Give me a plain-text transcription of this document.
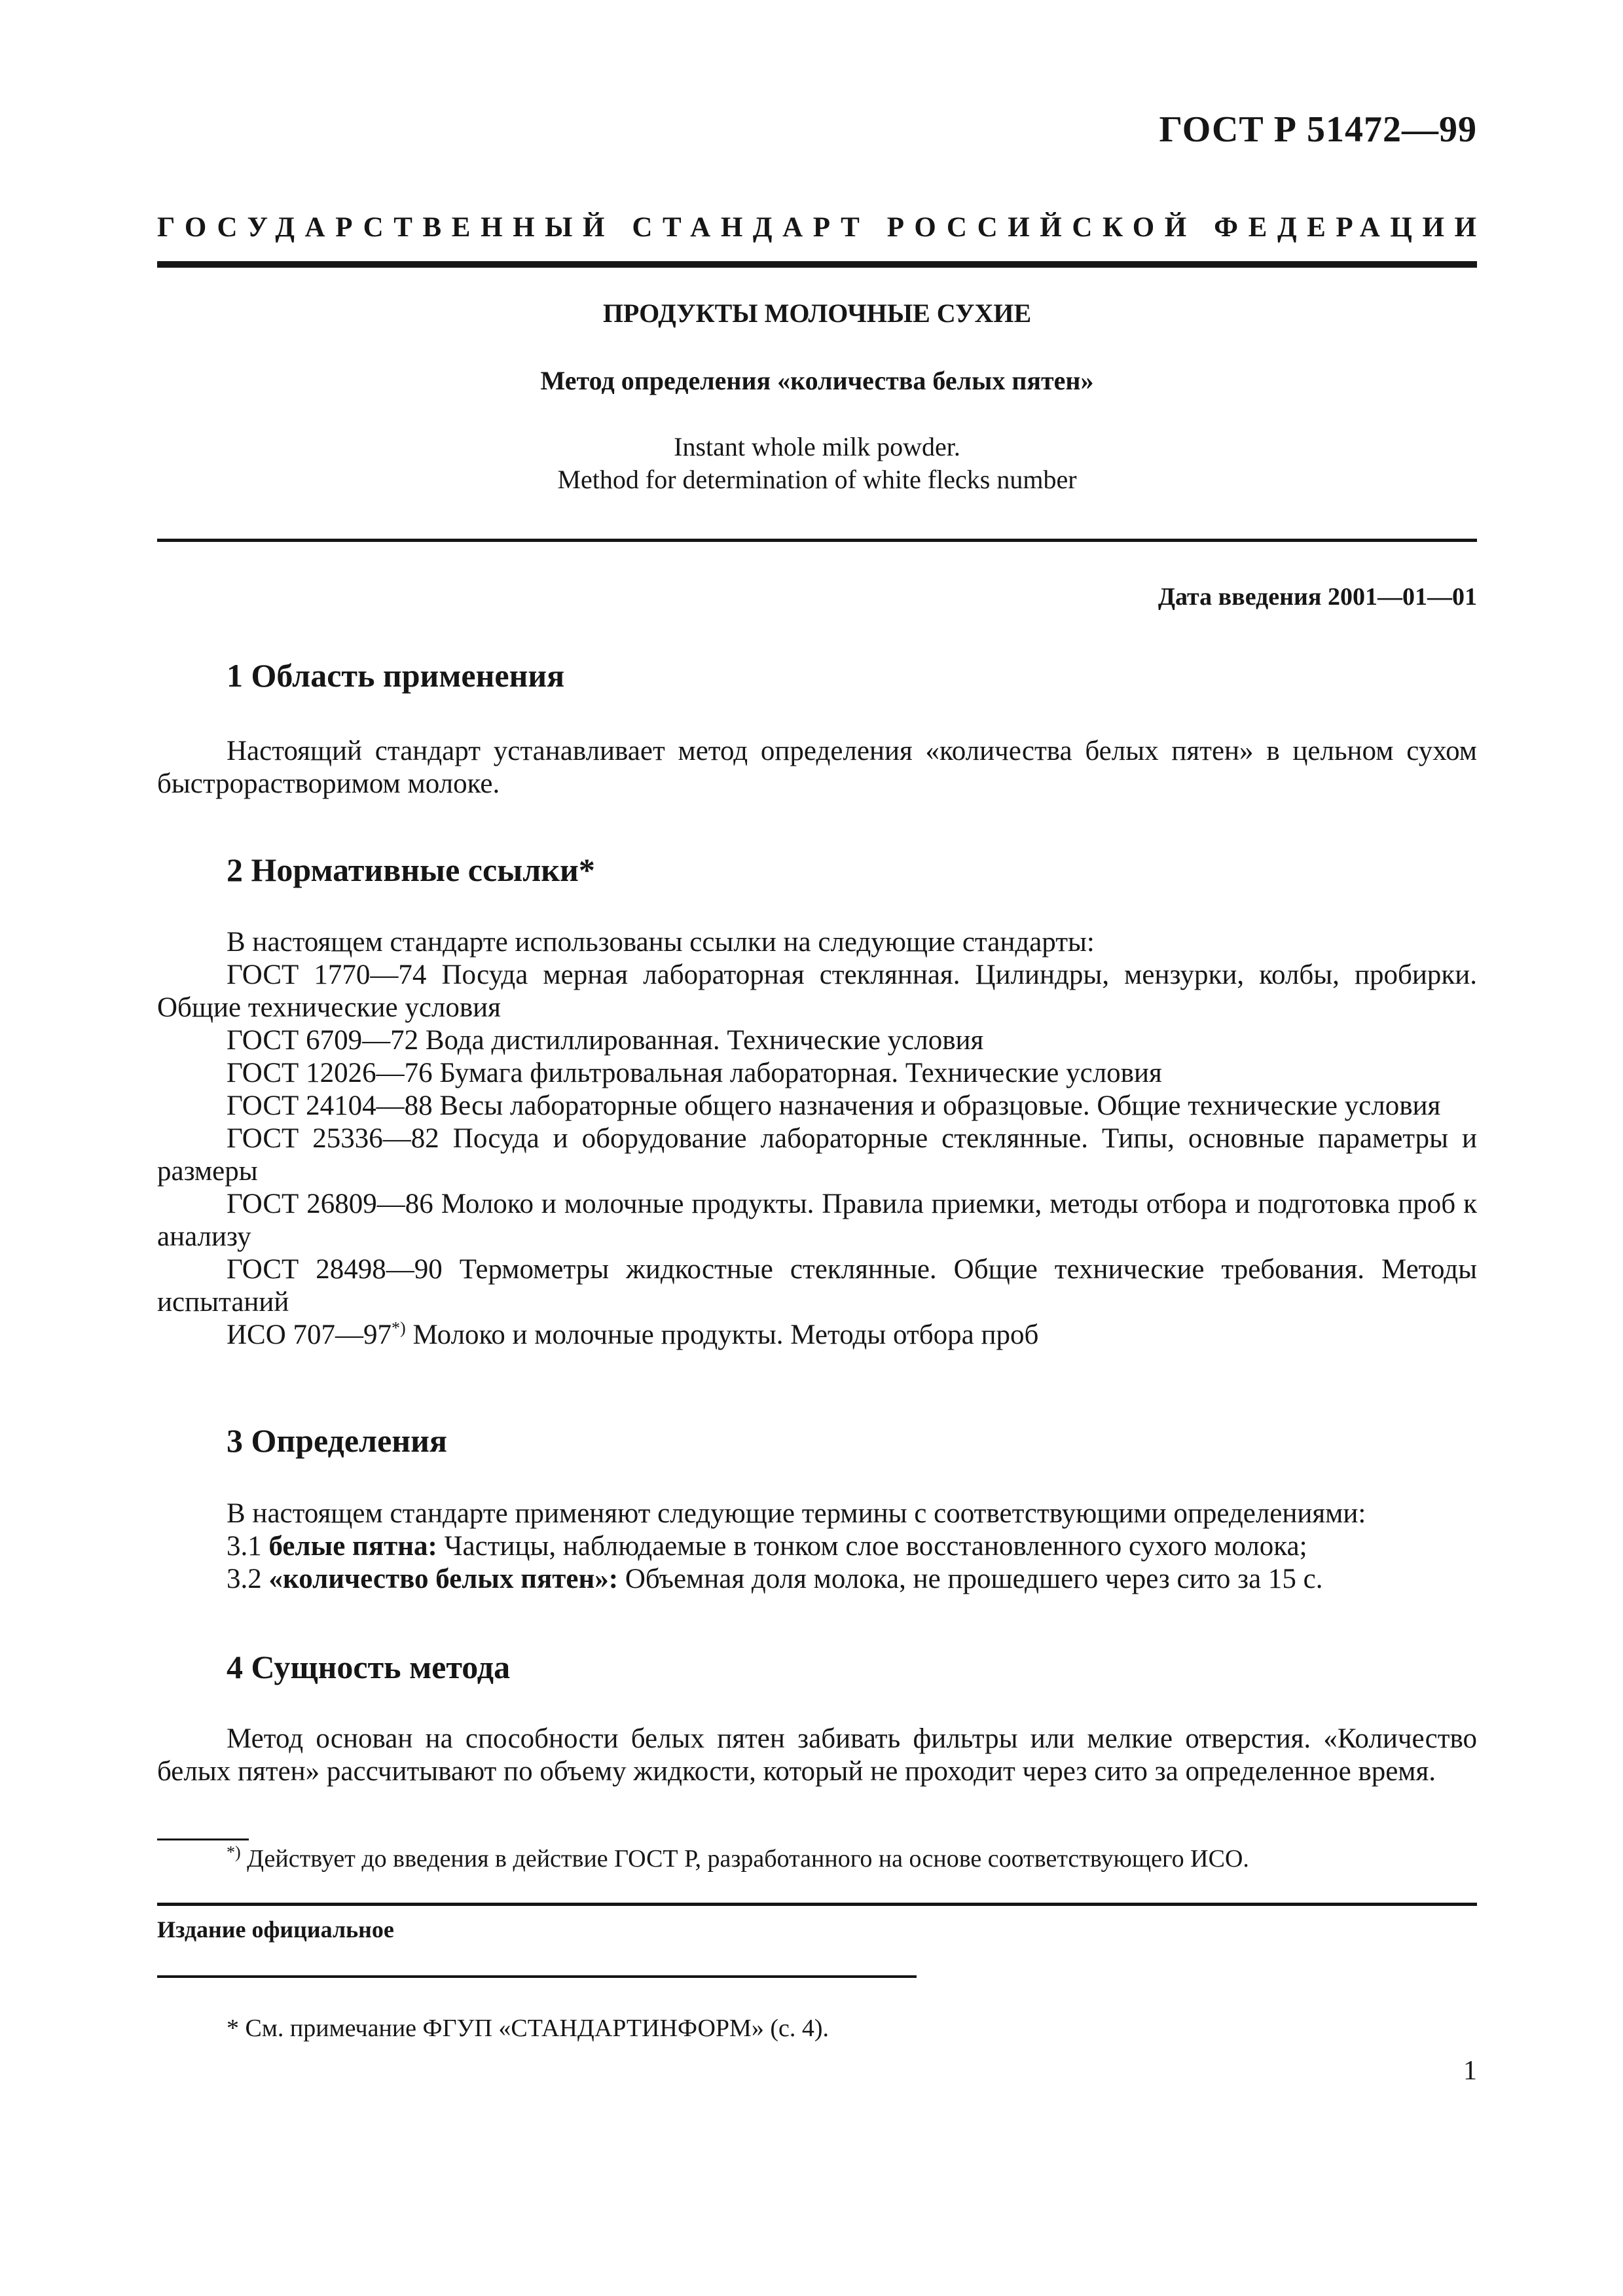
ГОСТ Р 51472—99
ГОСУДАРСТВЕННЫЙ СТАНДАРТ РОССИЙСКОЙ ФЕДЕРАЦИИ
ПРОДУКТЫ МОЛОЧНЫЕ СУХИЕ
Метод определения «количества белых пятен»
Instant whole milk powder.
Method for determination of white flecks number
Дата введения 2001—01—01
1 Область применения

Настоящий стандарт устанавливает метод определения «количества белых пятен» в цельном сухом быстрорастворимом молоке.

2 Нормативные ссылки*

В настоящем стандарте использованы ссылки на следующие стандарты:

ГОСТ 1770—74 Посуда мерная лабораторная стеклянная. Цилиндры, мензурки, колбы, пробирки. Общие технические условия

ГОСТ 6709—72 Вода дистиллированная. Технические условия

ГОСТ 12026—76 Бумага фильтровальная лабораторная. Технические условия

ГОСТ 24104—88 Весы лабораторные общего назначения и образцовые. Общие технические условия

ГОСТ 25336—82 Посуда и оборудование лабораторные стеклянные. Типы, основные параметры и размеры

ГОСТ 26809—86 Молоко и молочные продукты. Правила приемки, методы отбора и подготовка проб к анализу

ГОСТ 28498—90 Термометры жидкостные стеклянные. Общие технические требования. Методы испытаний

ИСО 707—97*) Молоко и молочные продукты. Методы отбора проб

3 Определения

В настоящем стандарте применяют следующие термины с соответствующими определениями:

3.1 белые пятна: Частицы, наблюдаемые в тонком слое восстановленного сухого молока;

3.2 «количество белых пятен»: Объемная доля молока, не прошедшего через сито за 15 с.

4 Сущность метода

Метод основан на способности белых пятен забивать фильтры или мелкие отверстия. «Количество белых пятен» рассчитывают по объему жидкости, который не проходит через сито за определенное время.

*) Действует до введения в действие ГОСТ Р, разработанного на основе соответствующего ИСО.
Издание официальное
* См. примечание ФГУП «СТАНДАРТИНФОРМ» (с. 4).
1
